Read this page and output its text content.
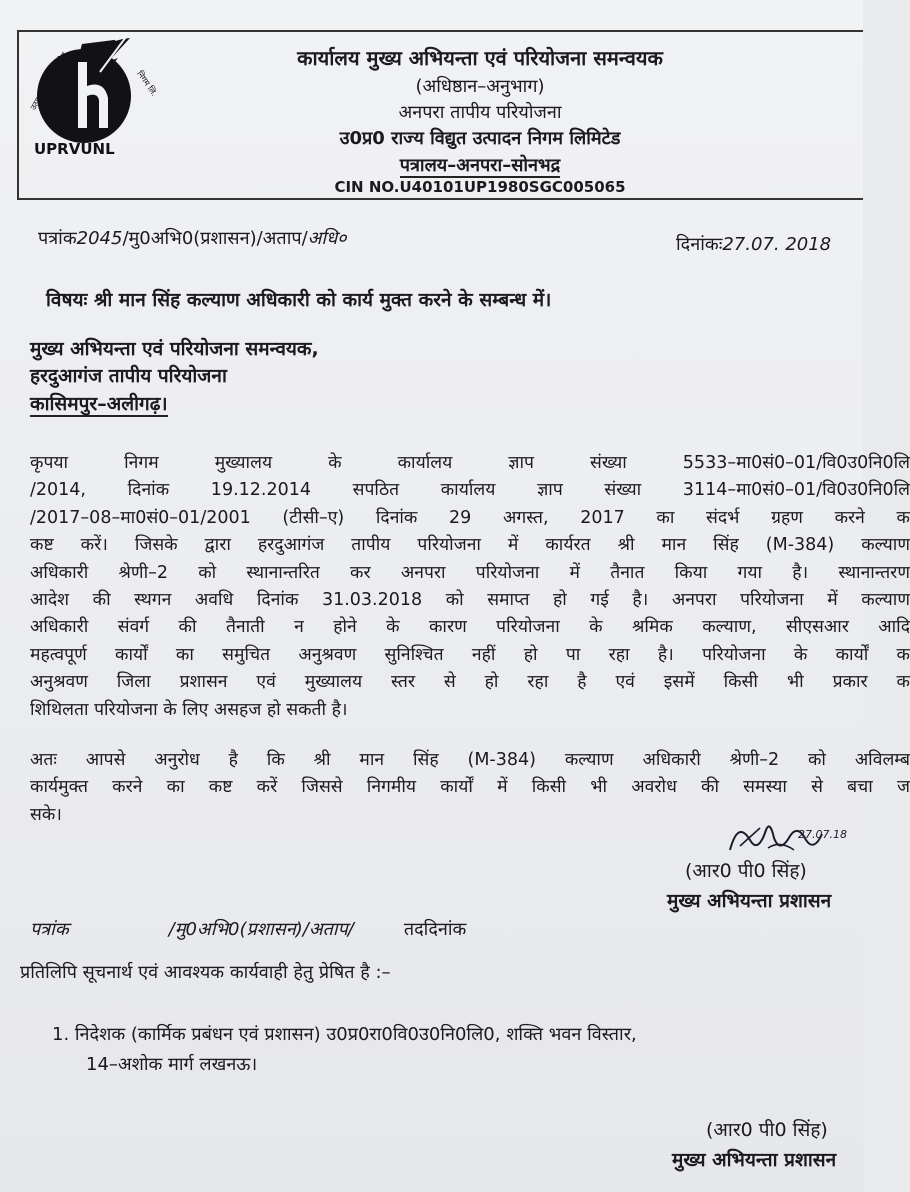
उत्पादन निगम लिमिटेड	निगम लि.
UPRVUNL
कार्यालय मुख्य अभियन्ता एवं परियोजना समन्वयक
(अधिष्ठान–अनुभाग)
अनपरा तापीय परियोजना
उ0प्र0 राज्य विद्युत उत्पादन निगम लिमिटेड
पत्रालय–अनपरा–सोनभद्र
CIN NO.U40101UP1980SGC005065
पत्रांक2045/मु0अभि0(प्रशासन)/अताप/अधि०	दिनांकः27.07. 2018
विषयः श्री मान सिंह कल्याण अधिकारी को कार्य मुक्त करने के सम्बन्ध में।
मुख्य अभियन्ता एवं परियोजना समन्वयक,
हरदुआगंज तापीय परियोजना
कासिमपुर–अलीगढ़।

कृपया निगम मुख्यालय के कार्यालय ज्ञाप संख्या 5533–मा0सं0–01/वि0उ0नि0लि

/2014, दिनांक 19.12.2014 सपठित कार्यालय ज्ञाप संख्या 3114–मा0सं0–01/वि0उ0नि0लि

/2017–08–मा0सं0–01/2001 (टीसी–ए) दिनांक 29 अगस्त, 2017 का संदर्भ ग्रहण करने क

कष्ट करें। जिसके द्वारा हरदुआगंज तापीय परियोजना में कार्यरत श्री मान सिंह (M-384) कल्याण

अधिकारी श्रेणी–2 को स्थानान्तरित कर अनपरा परियोजना में तैनात किया गया है। स्थानान्तरण

आदेश की स्थगन अवधि दिनांक 31.03.2018 को समाप्त हो गई है। अनपरा परियोजना में कल्याण

अधिकारी संवर्ग की तैनाती न होने के कारण परियोजना के श्रमिक कल्याण, सीएसआर आदि

महत्वपूर्ण कार्यों का समुचित अनुश्रवण सुनिश्चित नहीं हो पा रहा है। परियोजना के कार्यों क

अनुश्रवण जिला प्रशासन एवं मुख्यालय स्तर से हो रहा है एवं इसमें किसी भी प्रकार क

शिथिलता परियोजना के लिए असहज हो सकती है।

अतः आपसे अनुरोध है कि श्री मान सिंह (M-384) कल्याण अधिकारी श्रेणी–2 को अविलम्ब

कार्यमुक्त करने का कष्ट करें जिससे निगमीय कार्यों में किसी भी अवरोध की समस्या से बचा ज

सके।

27.07.18
(आर0 पी0 सिंह)
मुख्य अभियन्ता प्रशासन
पत्रांक	/मु0अभि0(प्रशासन)/अताप/	तददिनांक
प्रतिलिपि सूचनार्थ एवं आवश्यक कार्यवाही हेतु प्रेषित है :–
1. निदेशक (कार्मिक प्रबंधन एवं प्रशासन) उ0प्र0रा0वि0उ0नि0लि0, शक्ति भवन विस्तार,
14–अशोक मार्ग लखनऊ।
(आर0 पी0 सिंह)
मुख्य अभियन्ता प्रशासन
